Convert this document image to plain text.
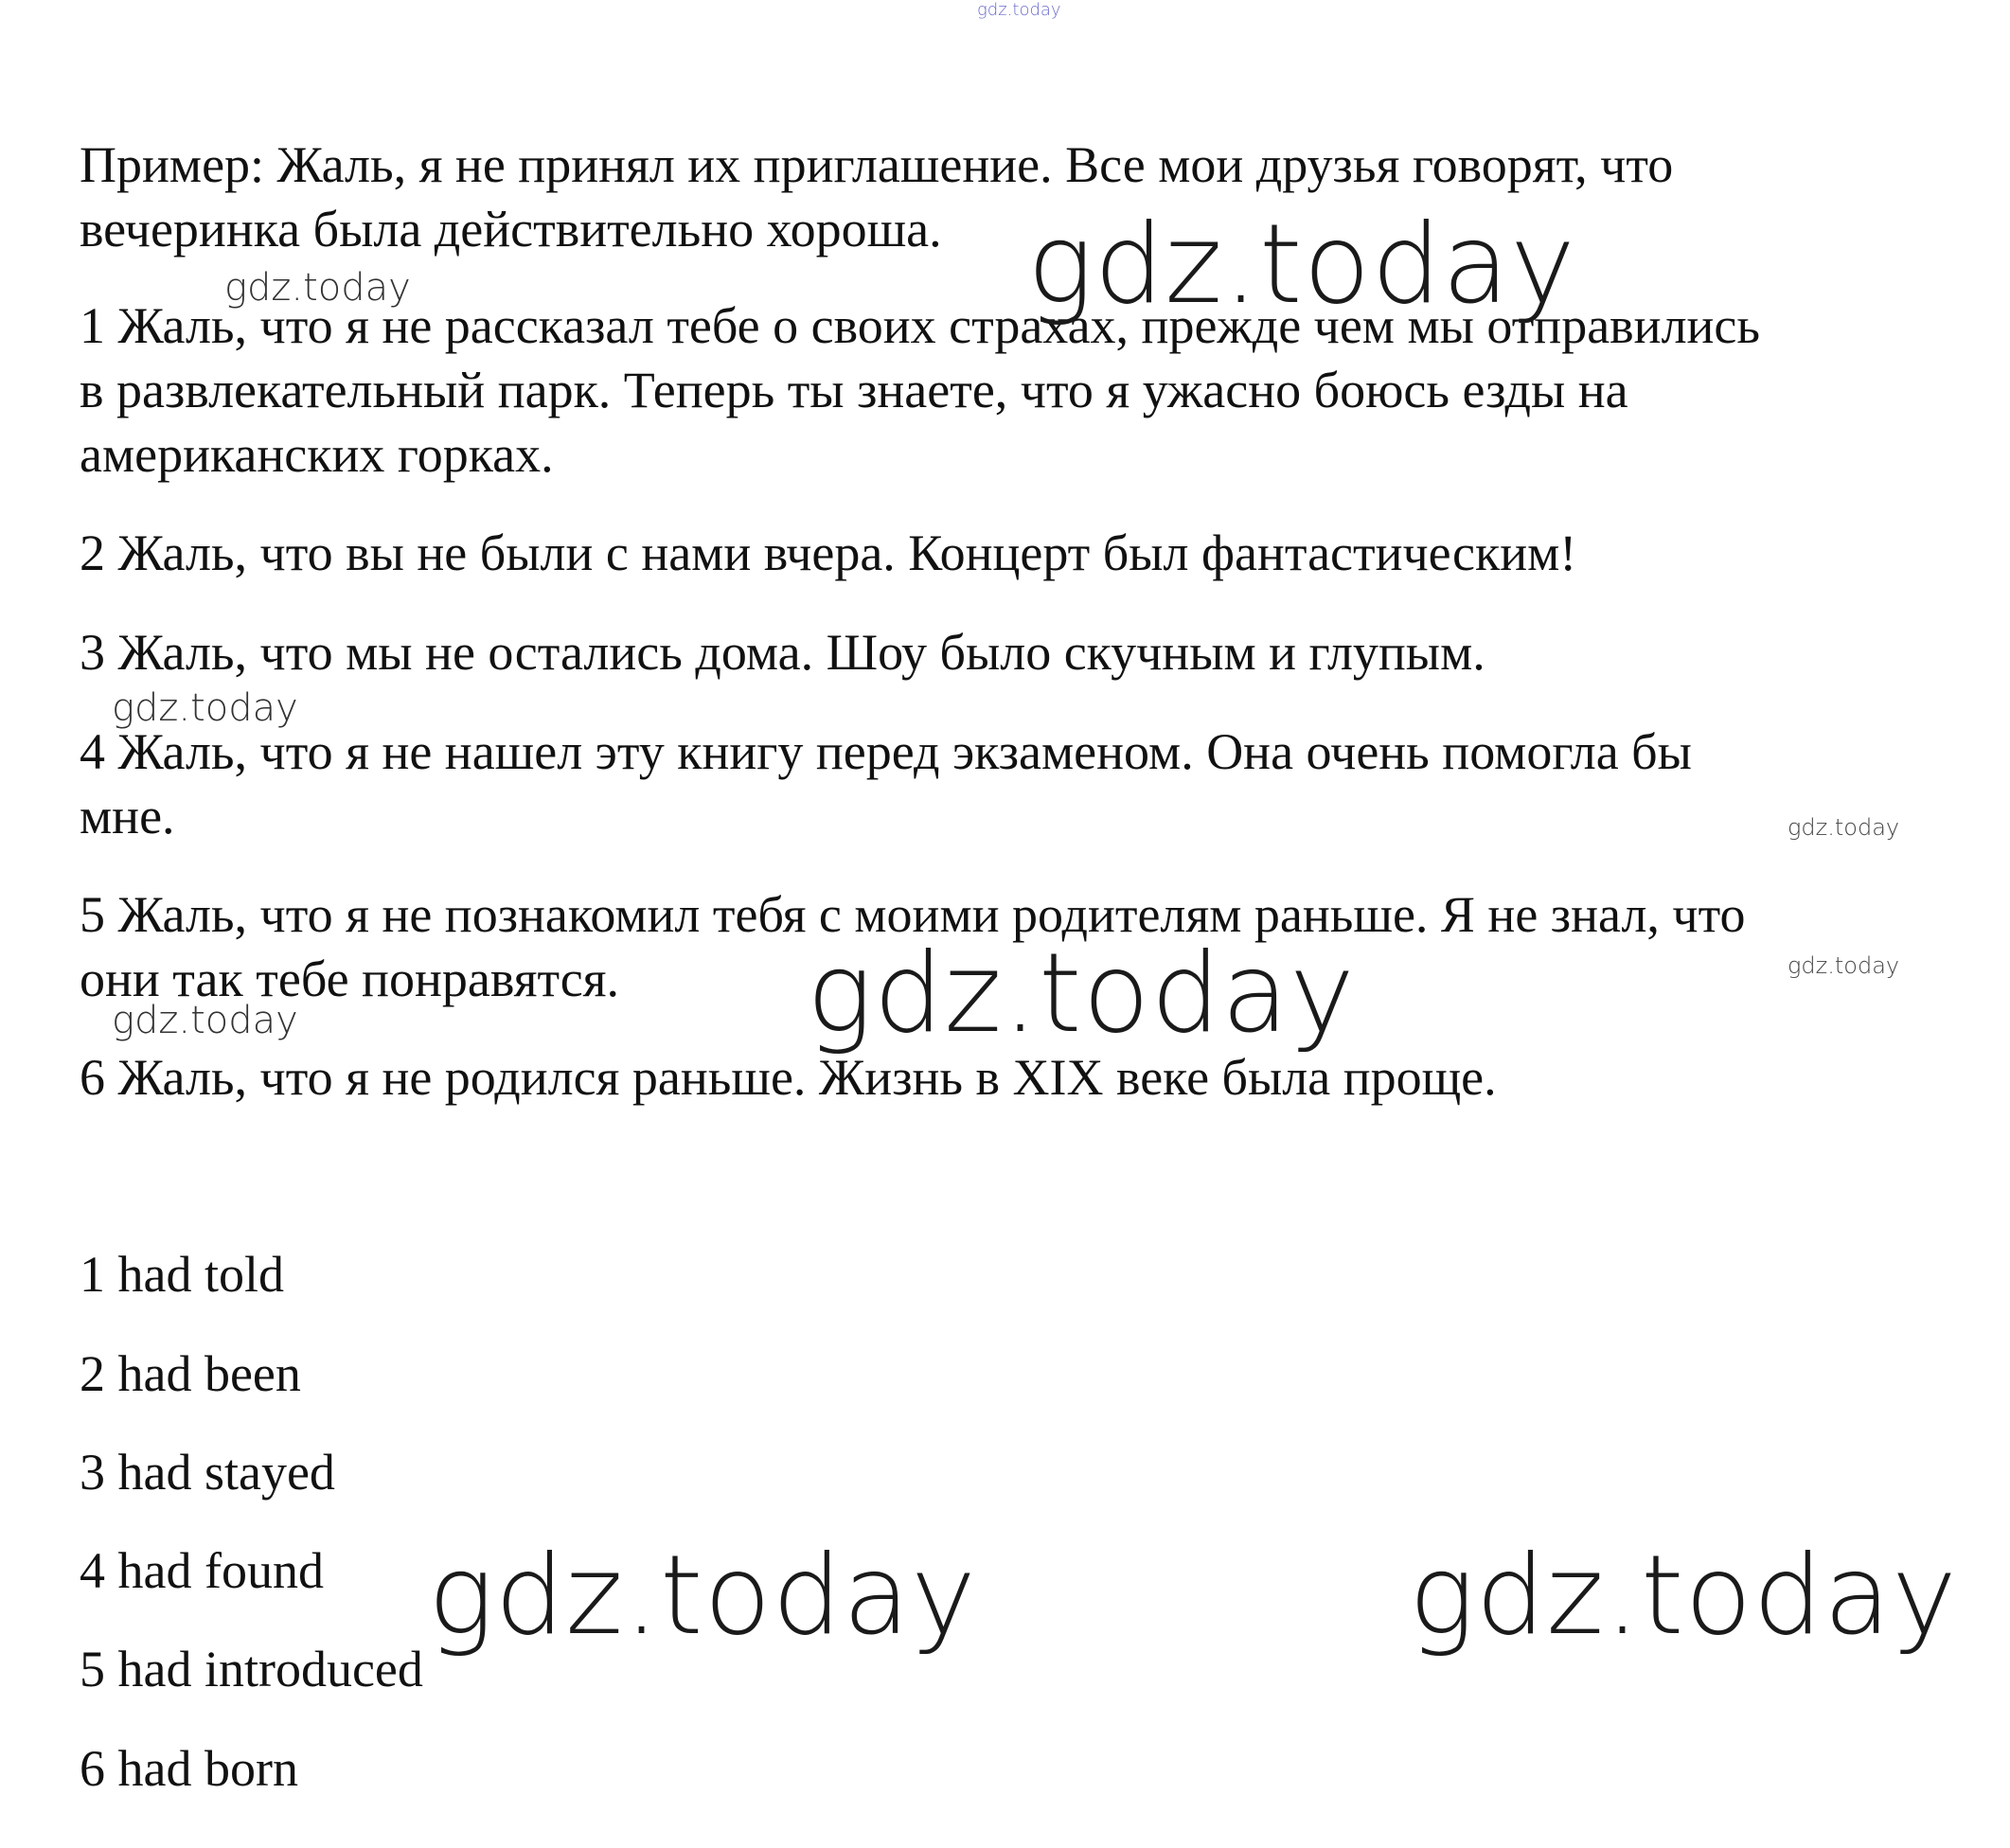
Пример: Жаль, я не принял их приглашение. Все мои друзья говорят, что
вечеринка была действительно хороша.

1 Жаль, что я не рассказал тебе о своих страхах, прежде чем мы отправились
в развлекательный парк. Теперь ты знаете, что я ужасно боюсь езды на
американских горках.

2 Жаль, что вы не были с нами вчера. Концерт был фантастическим!

3 Жаль, что мы не остались дома. Шоу было скучным и глупым.

4 Жаль, что я не нашел эту книгу перед экзаменом. Она очень помогла бы
мне.

5 Жаль, что я не познакомил тебя с моими родителям раньше. Я не знал, что
они так тебе понравятся.

6 Жаль, что я не родился раньше. Жизнь в XIX веке была проще.

1 had told

2 had been

3 had stayed

4 had found

5 had introduced

6 had born

gdz.today
gdz.today
gdz.today
gdz.today
gdz.today
gdz.today
gdz.today
gdz.today
gdz.today	gdz.today
